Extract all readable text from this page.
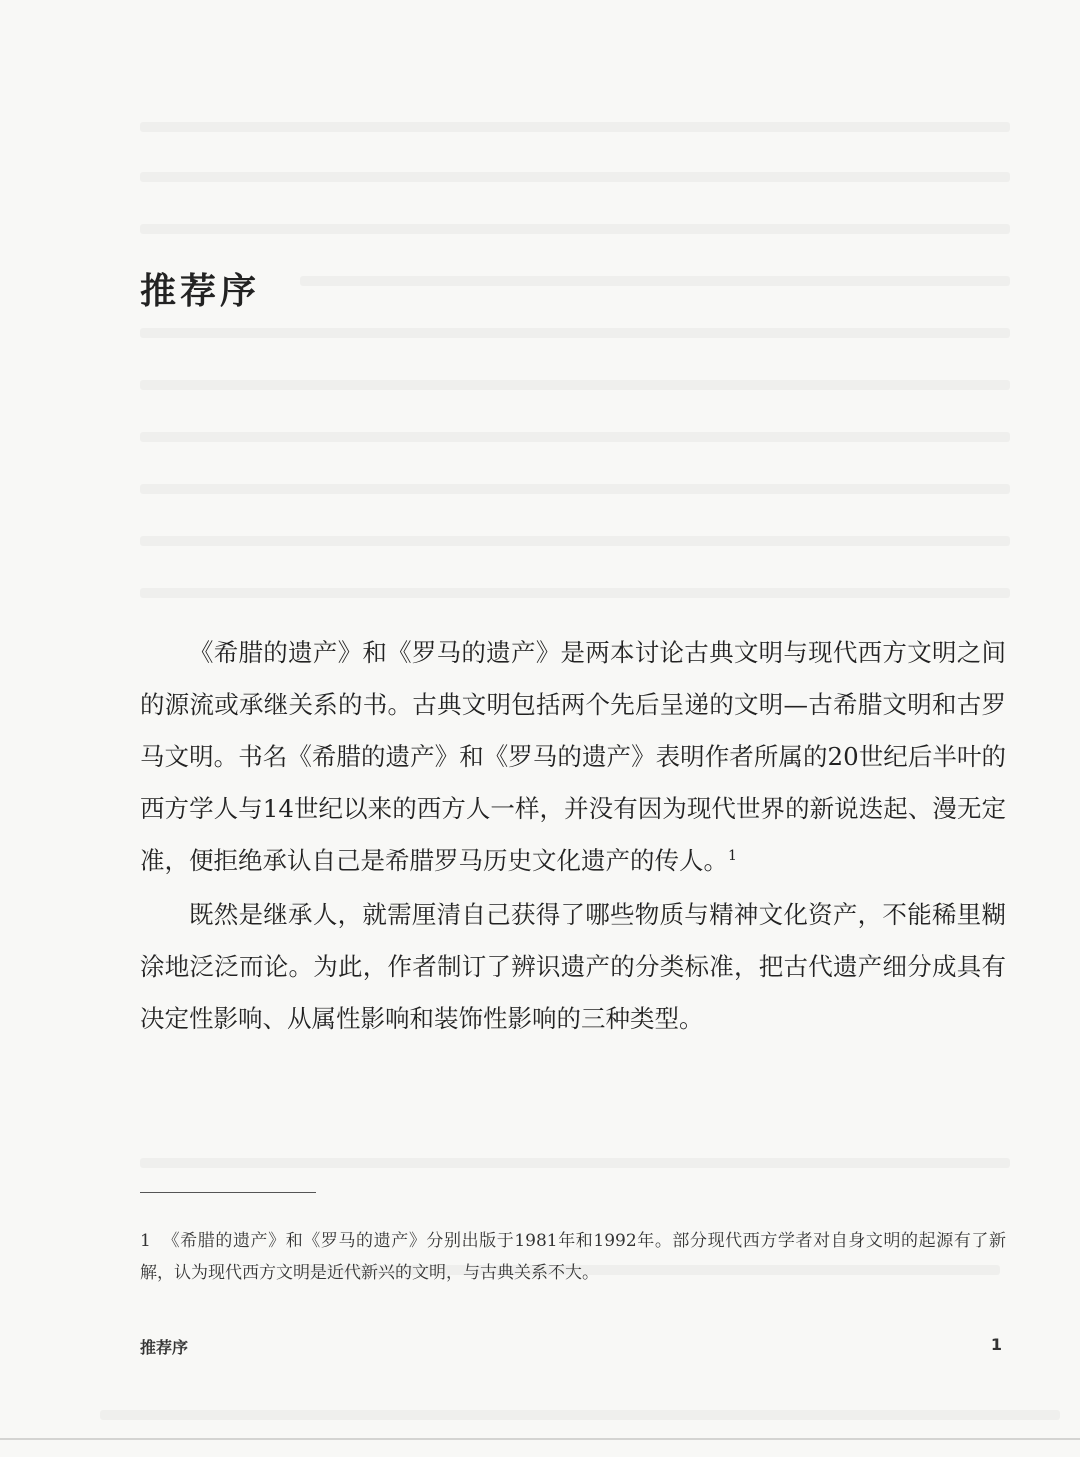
推荐序

《希腊的遗产》和《罗马的遗产》是两本讨论古典文明与现代西方文明之间的源流或承继关系的书。古典文明包括两个先后呈递的文明—古希腊文明和古罗马文明。书名《希腊的遗产》和《罗马的遗产》表明作者所属的20世纪后半叶的西方学人与14世纪以来的西方人一样，并没有因为现代世界的新说迭起、漫无定准，便拒绝承认自己是希腊罗马历史文化遗产的传人。$^1$

既然是继承人，就需厘清自己获得了哪些物质与精神文化资产，不能稀里糊涂地泛泛而论。为此，作者制订了辨识遗产的分类标准，把古代遗产细分成具有决定性影响、从属性影响和装饰性影响的三种类型。

1 《希腊的遗产》和《罗马的遗产》分别出版于1981年和1992年。部分现代西方学者对自身文明的起源有了新解，认为现代西方文明是近代新兴的文明，与古典关系不大。
推荐序	1
